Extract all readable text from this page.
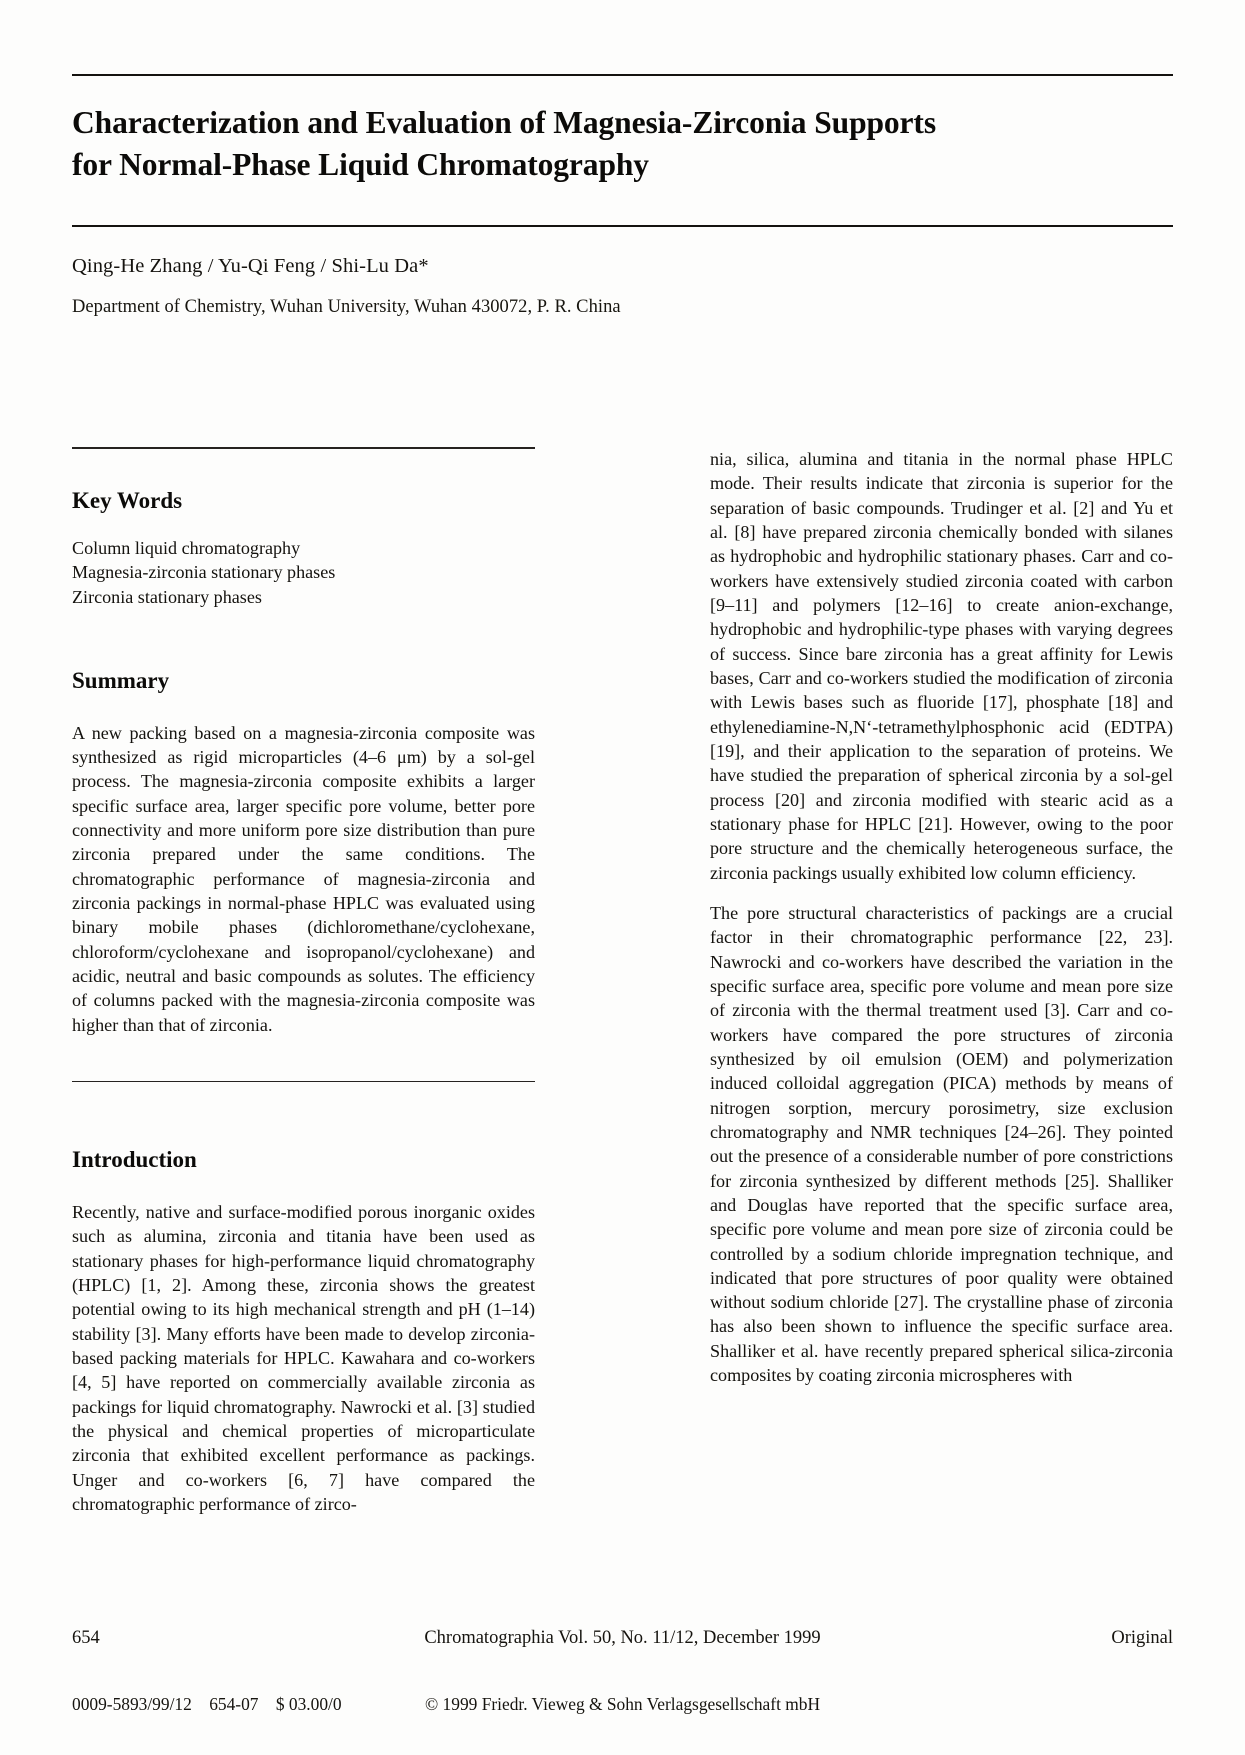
Characterization and Evaluation of Magnesia-Zirconia Supports
for Normal-Phase Liquid Chromatography
Qing-He Zhang / Yu-Qi Feng / Shi-Lu Da*
Department of Chemistry, Wuhan University, Wuhan 430072, P. R. China
Key Words
Column liquid chromatography
Magnesia-zirconia stationary phases
Zirconia stationary phases
Summary

A new packing based on a magnesia-zirconia composite was synthesized as rigid microparticles (4–6 μm) by a sol-gel process. The magnesia-zirconia composite exhibits a larger specific surface area, larger specific pore volume, better pore connectivity and more uniform pore size distribution than pure zirconia prepared under the same conditions. The chromatographic performance of magnesia-zirconia and zirconia packings in normal-phase HPLC was evaluated using binary mobile phases (dichloromethane/cyclohexane, chloroform/cyclohexane and isopropanol/cyclohexane) and acidic, neutral and basic compounds as solutes. The efficiency of columns packed with the magnesia-zirconia composite was higher than that of zirconia.

Introduction

Recently, native and surface-modified porous inorganic oxides such as alumina, zirconia and titania have been used as stationary phases for high-performance liquid chromatography (HPLC) [1, 2]. Among these, zirconia shows the greatest potential owing to its high mechanical strength and pH (1–14) stability [3]. Many efforts have been made to develop zirconia-based packing materials for HPLC. Kawahara and co-workers [4, 5] have reported on commercially available zirconia as packings for liquid chromatography. Nawrocki et al. [3] studied the physical and chemical properties of microparticulate zirconia that exhibited excellent performance as packings. Unger and co-workers [6, 7] have compared the chromatographic performance of zirco-

nia, silica, alumina and titania in the normal phase HPLC mode. Their results indicate that zirconia is superior for the separation of basic compounds. Trudinger et al. [2] and Yu et al. [8] have prepared zirconia chemically bonded with silanes as hydrophobic and hydrophilic stationary phases. Carr and co-workers have extensively studied zirconia coated with carbon [9–11] and polymers [12–16] to create anion-exchange, hydrophobic and hydrophilic-type phases with varying degrees of success. Since bare zirconia has a great affinity for Lewis bases, Carr and co-workers studied the modification of zirconia with Lewis bases such as fluoride [17], phosphate [18] and ethylenediamine-N,N‘-tetramethylphosphonic acid (EDTPA) [19], and their application to the separation of proteins. We have studied the preparation of spherical zirconia by a sol-gel process [20] and zirconia modified with stearic acid as a stationary phase for HPLC [21]. However, owing to the poor pore structure and the chemically heterogeneous surface, the zirconia packings usually exhibited low column efficiency.

The pore structural characteristics of packings are a crucial factor in their chromatographic performance [22, 23]. Nawrocki and co-workers have described the variation in the specific surface area, specific pore volume and mean pore size of zirconia with the thermal treatment used [3]. Carr and co-workers have compared the pore structures of zirconia synthesized by oil emulsion (OEM) and polymerization induced colloidal aggregation (PICA) methods by means of nitrogen sorption, mercury porosimetry, size exclusion chromatography and NMR techniques [24–26]. They pointed out the presence of a considerable number of pore constrictions for zirconia synthesized by different methods [25]. Shalliker and Douglas have reported that the specific surface area, specific pore volume and mean pore size of zirconia could be controlled by a sodium chloride impregnation technique, and indicated that pore structures of poor quality were obtained without sodium chloride [27]. The crystalline phase of zirconia has also been shown to influence the specific surface area. Shalliker et al. have recently prepared spherical silica-zirconia composites by coating zirconia microspheres with

654	Chromatographia Vol. 50, No. 11/12, December 1999	Original
0009-5893/99/12    654-07    $ 03.00/0	© 1999 Friedr. Vieweg & Sohn Verlagsgesellschaft mbH
